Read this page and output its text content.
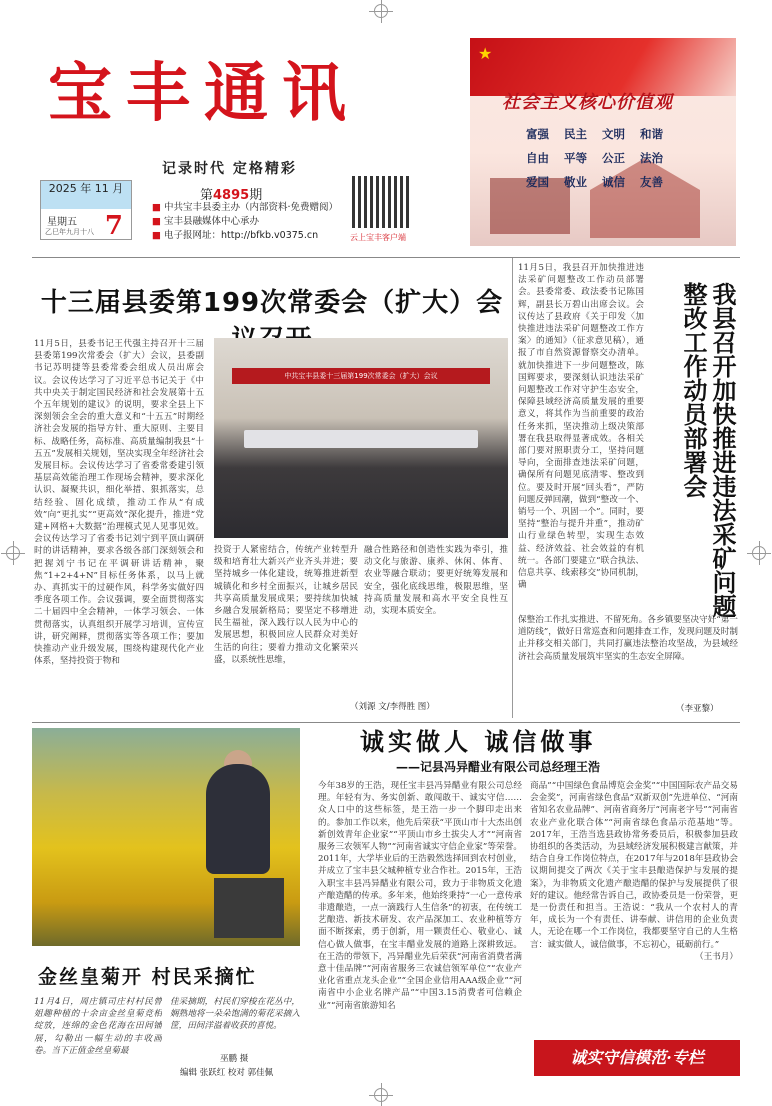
宝丰通讯
记录时代 定格精彩
2025 年 11 月
星期五
乙巳年九月十八 7
第4895期
■ 中共宝丰县委主办（内部资料·免费赠阅）
■ 宝丰县融媒体中心承办
■ 电子报网址：http://bfkb.v0375.cn	云上宝丰客户端
★
社会主义核心价值观
富强 民主 文明 和谐
自由 平等 公正 法治
爱国 敬业 诚信 友善
十三届县委第199次常委会（扩大）会
11月5日，县委书记王代强主持召开十三届县委第199次常委会（扩大）会议，县委副书记苏明捷等县委常委会组成人员出席会议。会议传达学习了习近平总书记关于《中共中央关于制定国民经济和社会发展第十五个五年规划的建议》的说明，要求全县上下深刻领会全会的重大意义和“十五五”时期经济社会发展的指导方针、重大原则、主要目标、战略任务，高标准、高质量编制我县“十五五”发展相关规划，坚决实现全年经济社会发展目标。会议传达学习了省委常委建引领基层高效能治理工作现场会精神，要求深化认识、凝聚共识，细化举措、狠抓落实，总结经验、固化成绩，推动工作从“有成效”向“更扎实”“更高效”深化提升，推进“党建+网格+大数据”治理模式见人见事见效。会议传达学习了省委书记刘宁到平顶山调研时的讲话精神，要求各级各部门深刻领会和把握刘宁书记在平调研讲话精神，聚焦“1+2+4+N”目标任务体系，以马上就办、真抓实干的过硬作风，科学务实做好四季度各项工作。会议强调，要全面贯彻落实二十届四中全会精神，一体学习领会、一体贯彻落实，认真组织开展学习培训，宣传宣讲，研究阐释，贯彻落实等各项工作；要加快推动产业升级发展，围绕构建现代化产业体系，坚持投资于物和
中共宝丰县委十三届第199次常委会（扩大）会议
投资于人紧密结合，传统产业转型升级和培育壮大新兴产业齐头并进；要坚持城乡一体化建设，统筹推进新型城镇化和乡村全面振兴，让城乡居民共享高质量发展成果；要持续加快城乡融合发展新格局；要坚定不移增进民生福祉，深入践行以人民为中心的发展思想，积极回应人民群众对美好生活的向往；要着力推动文化繁荣兴盛，以系统性思维，
融合性路径和创造性实践为牵引，推动文化与旅游、康养、休闲、体育、农业等融合联动；要更好统筹发展和安全，强化底线思维，极限思维，坚持高质量发展和高水平安全良性互动，实现本质安全。
（刘源 文/李得胜 图）
11月5日，我县召开加快推进违法采矿问题整改工作动员部署会。县委常委、政法委书记陈国辉，副县长万碧山出席会议。会议传达了县政府《关于印发〈加快推进违法采矿问题整改工作方案〉的通知》（征求意见稿），通报了市自然资源督察交办清单。就加快推进下一步问题整改，陈国辉要求，要深刻认识违法采矿问题整改工作对守护生态安全，保障县域经济高质量发展的重要意义，将其作为当前重要的政治任务来抓，坚决推动上级决策部署在我县取得显著成效。各相关部门要对照职责分工，坚持问题导向，全面排查违法采矿问题，确保所有问题见底清零、整改到位。要及时开展“回头看”，严防问题反弹回潮，做到“整改一个、销号一个、巩固一个”。同时，要坚持“整治与提升并重”，推动矿山行业绿色转型，实现生态效益、经济效益、社会效益的有机统一。各部门要建立“联合执法、信息共享、线索移交”协同机制，确	我县召开加快推进违法采矿问题整改工作动员部署会
保整治工作扎实推进、不留死角。各乡镇要坚决守好“第一道防线”，做好日常巡查和问题排查工作，发现问题及时制止并移交相关部门，共同打赢违法整治攻坚战，为县域经济社会高质量发展筑牢坚实的生态安全屏障。
（李亚黎）
金丝皇菊开 村民采摘忙
11月4日，周庄镇司庄村村民曾姐趣种植的十余亩金丝皇菊竞相绽放，连绵的金色花海在田间铺展，勾勒出一幅生动的丰收画卷。当下正值金丝皇菊最
佳采摘期，村民们穿梭在花丛中，娴熟地将一朵朵饱满的菊花采摘入筐，田间洋溢着收获的喜悦。
巫鹏 摄
编辑 张跃红 校对 郭佳佩
诚实做人 诚信做事
——记县冯异醋业有限公司总经理王浩
今年38岁的王浩，现任宝丰县冯异醋业有限公司总经理。年轻有为、务实创新、敢闯敢干、诚实守信……众人口中的这些标签，是王浩一步一个脚印走出来的。参加工作以来，他先后荣获“平顶山市十大杰出创新创效青年企业家”“平顶山市乡土拔尖人才”“河南省服务三农领军人物”“河南省诚实守信企业家”等荣誉。2011年，大学毕业后的王浩毅然选择回到农村创业，并成立了宝丰县父城种植专业合作社。2015年，王浩入职宝丰县冯异醋业有限公司，致力于非物质文化遗产酿造醋的传承。多年来，他始终秉持“一心一意传承非遗酿造，一点一滴践行人生信条”的初衷，在传统工艺酿造、新技术研发、农产品深加工、农业种植等方面不断探索，勇于创新，用一颗责任心、敬业心、诚信心做人做事，在宝丰醋业发展的道路上深耕致远。在王浩的带领下，冯异醋业先后荣获“河南省消费者满意十佳品牌”“河南省服务三农诚信领军单位”“农业产业化省重点龙头企业”“全国企业信用AAA级企业”“河南省中小企业名牌产品”“中国3.15消费者可信赖企业”“河南省旅游知名
商品”“中国绿色食品博览会金奖”“中国国际农产品交易会金奖”，河南省绿色食品“双新双创”先进单位、“河南省知名农业品牌”、河南省商务厅“河南老字号”“河南省农业产业化联合体”“河南省绿色食品示范基地”等。2017年，王浩当选县政协常务委员后，积极参加县政协组织的各类活动，为县域经济发展积极建言献策，并结合自身工作岗位特点，在2017年与2018年县政协会议期间提交了两次《关于宝丰县酿造保护与发展的提案》，为非物质文化遗产酿造醋的保护与发展提供了很好的建议。他经常告诉自己，政协委员是一份荣誉，更是一份责任和担当。王浩说：“我从一个农村人的青年，成长为一个有责任、讲奉献、讲信用的企业负责人，无论在哪一个工作岗位，我都要坚守自己的人生格言：诚实做人，诚信做事，不忘初心，砥砺前行。”
（王书月）
诚实守信模范·专栏
